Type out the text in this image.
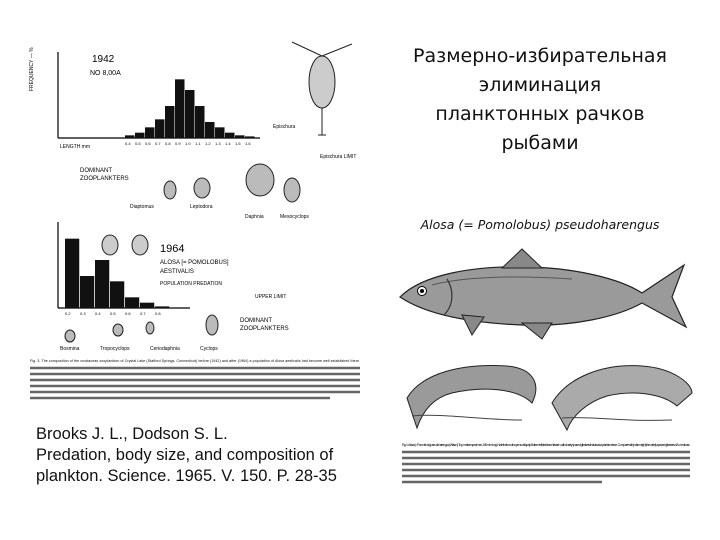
FREQUENCY — %
0.4 0.5 0.6 0.7 0.8 0.9 1.0 1.1 1.2 1.3 1.4 1.5 1.6
1942
NO 8,00A
LENGTH mm
Epischura
Epischura LIMIT
DOMINANT
ZOOPLANKTERS
Diaptomus	Leptodora
Daphnia	Mesocyclops
0.2 0.3 0.4 0.5 0.6 0.7 0.8
1964
ALOSA [= POMOLOBUS]
AESTIVALIS
POPULATION PREDATION
UPPER LIMIT
DOMINANT
ZOOPLANKTERS
Bosmina	Tropocyclops	Ceriodaphnia	Cyclops
Fig. 3. The composition of the crustacean zooplankton of Crystal Lake (Stafford Springs, Connecticut) before (1942) and after (1964) a population of Alosa aestivalis had become well established there.
Размерно-избирательная
элиминация
планктонных рачков
рыбами
Alosa (= Pomolobus) pseudoharengus
Fig. 1. Alosa (= Pomolobus) pseudoharengus (Wilson). Top, mature specimen, 340 mm long. Note that mouth opens obliquely. Bottom left, first branchial arch, with closely spaced gill rakers that act as a plankton sieve. Compare with (bottom right) the widely spaced gill rakers of A. mediocris.
Brooks J. L., Dodson S. L.
Predation, body size, and composition of
plankton. Science. 1965. V. 150. P. 28-35
